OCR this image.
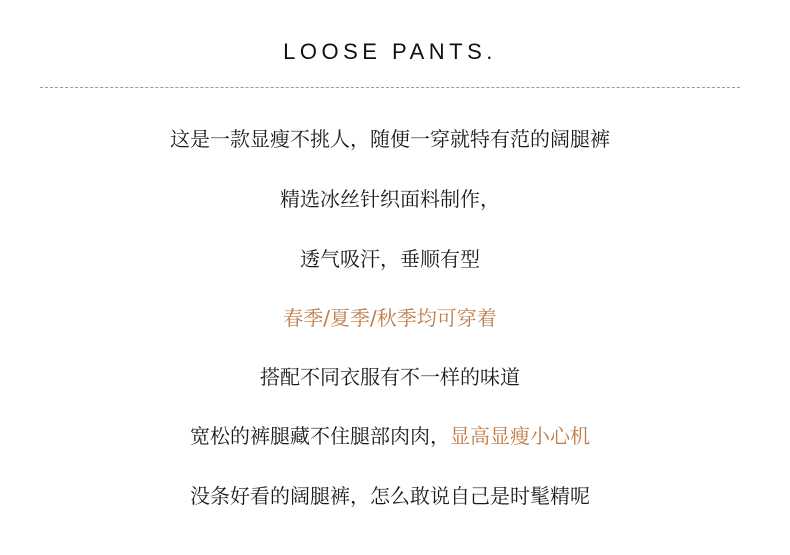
LOOSE PANTS.
这是一款显瘦不挑人，随便一穿就特有范的阔腿裤
精选冰丝针织面料制作，
透气吸汗，垂顺有型
春季/夏季/秋季均可穿着
搭配不同衣服有不一样的味道
宽松的裤腿藏不住腿部肉肉，显高显瘦小心机
没条好看的阔腿裤，怎么敢说自己是时髦精呢
